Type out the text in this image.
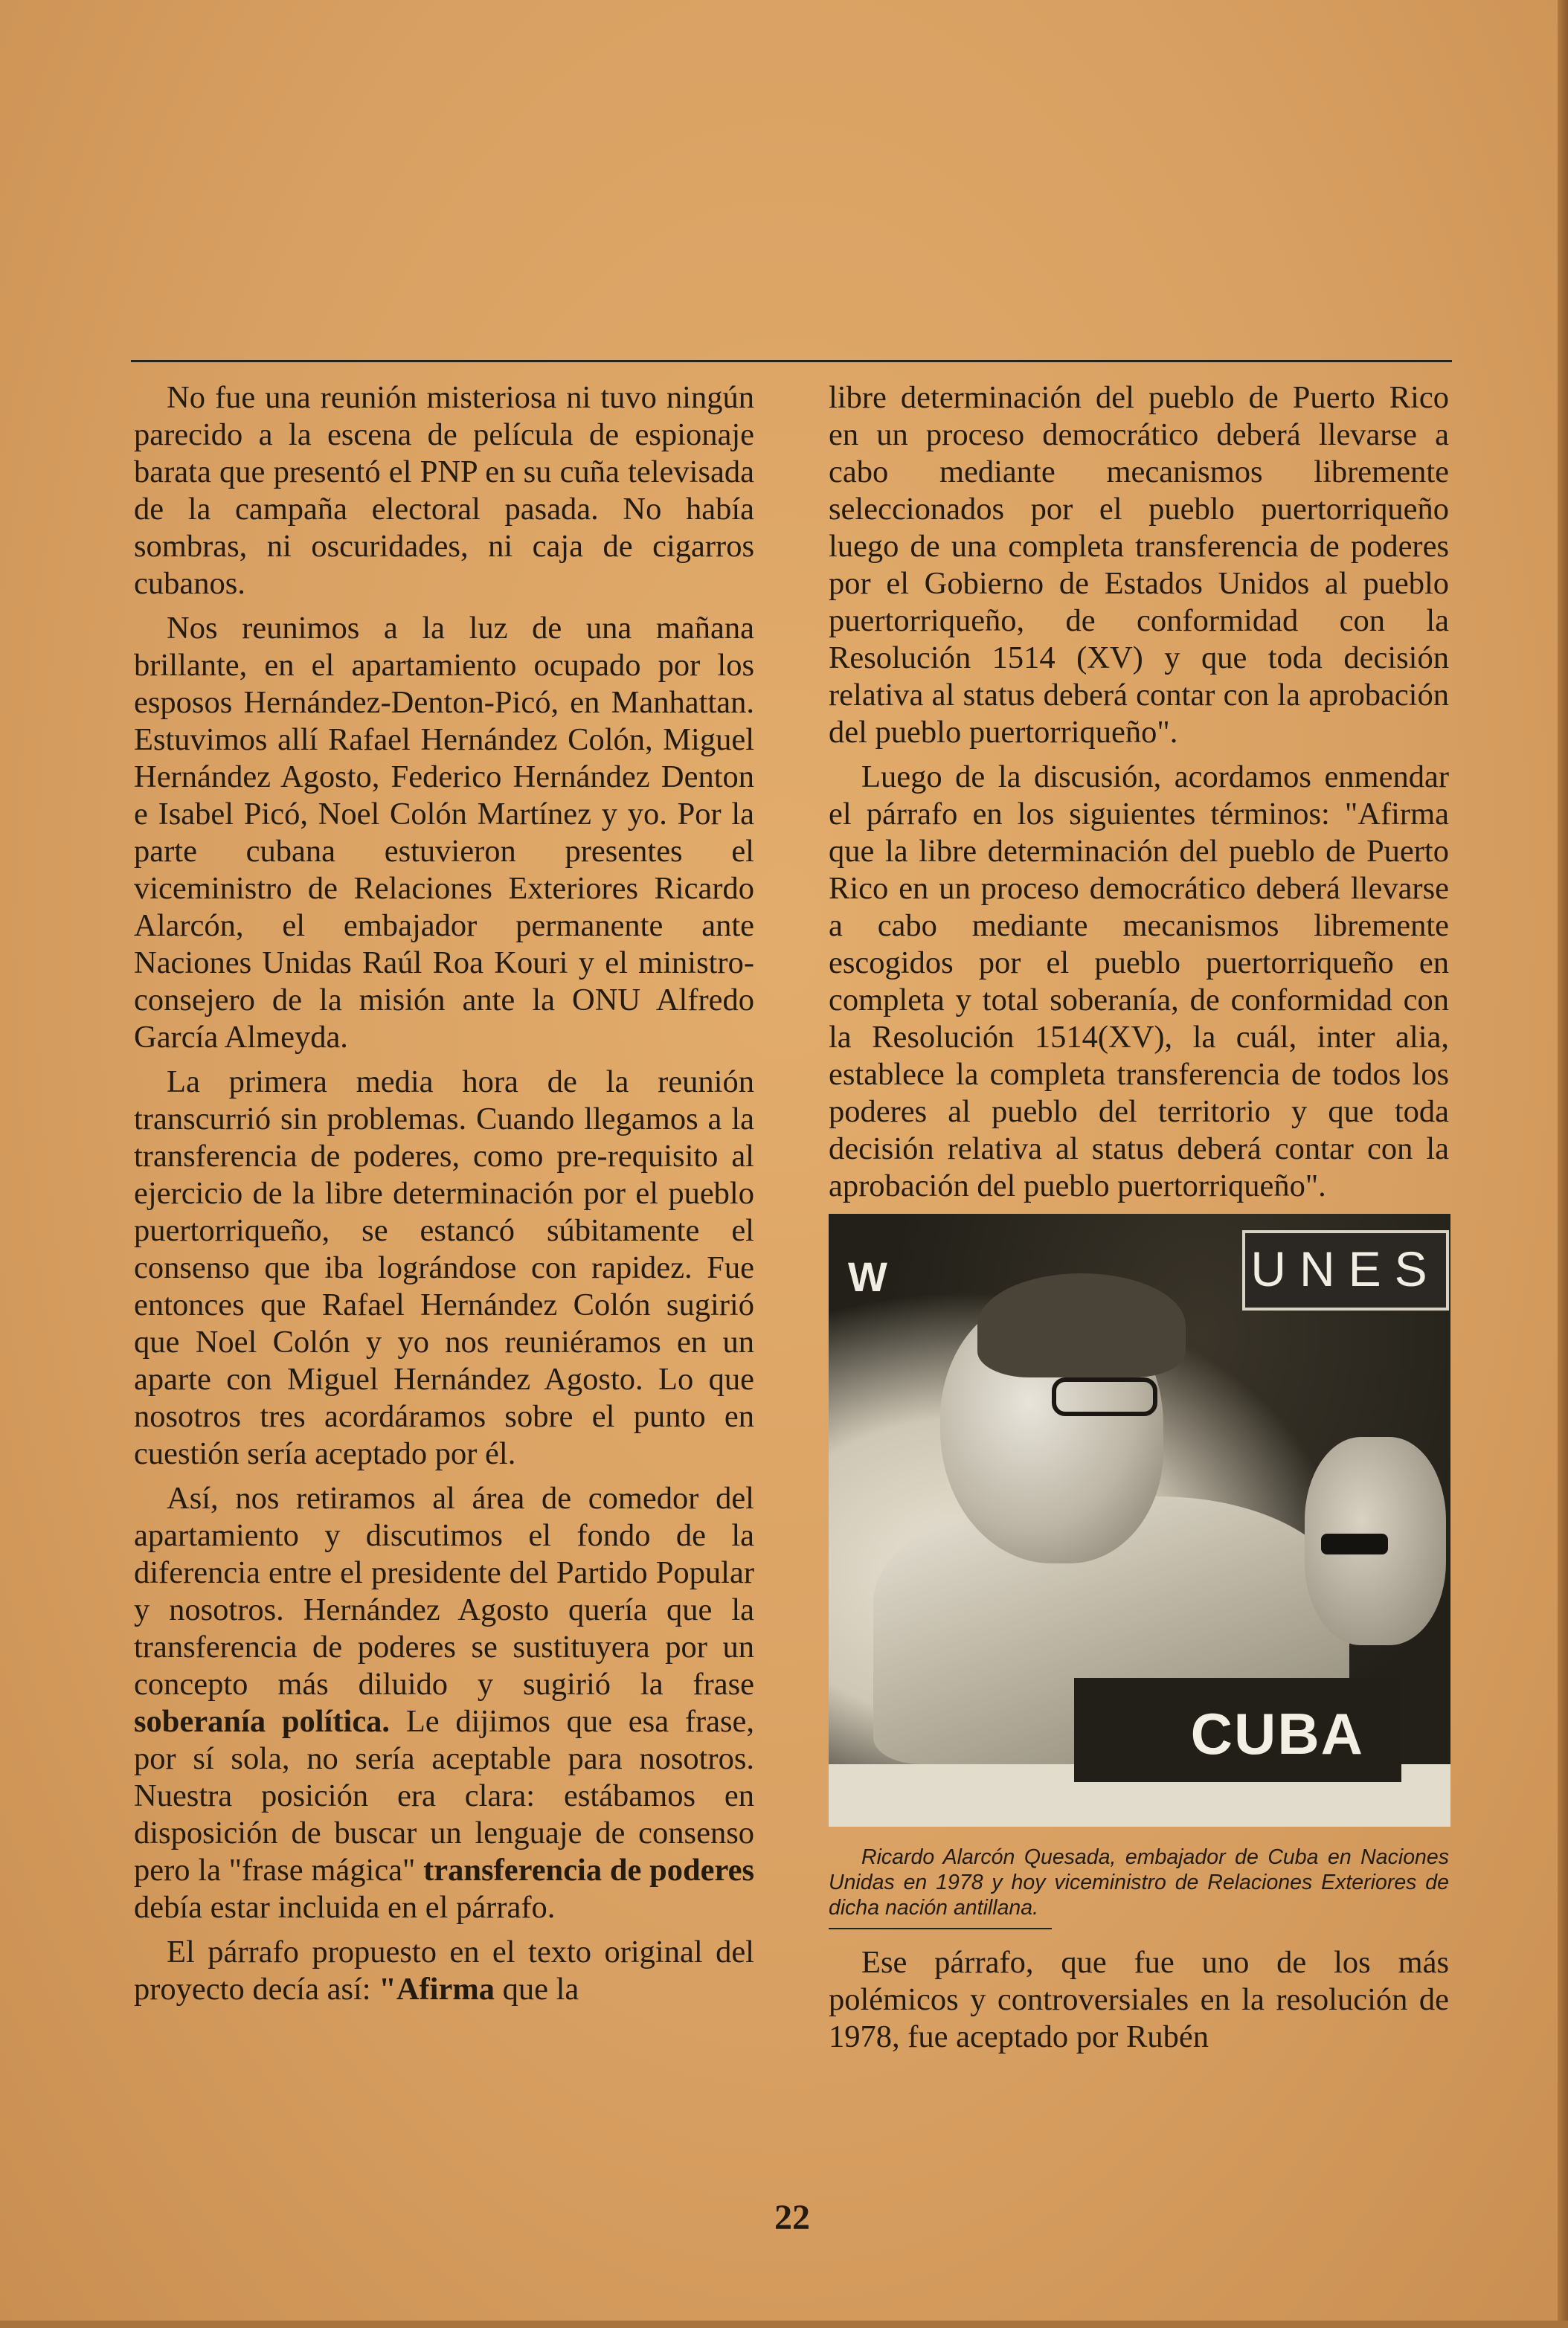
No fue una reunión misteriosa ni tuvo ningún parecido a la escena de película de espionaje barata que presentó el PNP en su cuña televisada de la campaña electoral pasada. No había sombras, ni oscuridades, ni caja de cigarros cubanos.

Nos reunimos a la luz de una mañana brillante, en el apartamiento ocupado por los esposos Hernández-Denton-Picó, en Manhattan. Estuvimos allí Rafael Hernández Colón, Miguel Hernández Agosto, Federico Hernández Denton e Isabel Picó, Noel Colón Martínez y yo. Por la parte cubana estuvieron presentes el viceministro de Relaciones Exteriores Ricardo Alarcón, el embajador permanente ante Naciones Unidas Raúl Roa Kouri y el ministro-consejero de la misión ante la ONU Alfredo García Almeyda.

La primera media hora de la reunión transcurrió sin problemas. Cuando llegamos a la transferencia de poderes, como pre-requisito al ejercicio de la libre determinación por el pueblo puertorriqueño, se estancó súbitamente el consenso que iba lográndose con rapidez. Fue entonces que Rafael Hernández Colón sugirió que Noel Colón y yo nos reuniéramos en un aparte con Miguel Hernández Agosto. Lo que nosotros tres acordáramos sobre el punto en cuestión sería aceptado por él.

Así, nos retiramos al área de comedor del apartamiento y discutimos el fondo de la diferencia entre el presidente del Partido Popular y nosotros. Hernández Agosto quería que la transferencia de poderes se sustituyera por un concepto más diluido y sugirió la frase soberanía política. Le dijimos que esa frase, por sí sola, no sería aceptable para nosotros. Nuestra posición era clara: estábamos en disposición de buscar un lenguaje de consenso pero la "frase mágica" transferencia de poderes debía estar incluida en el párrafo.

El párrafo propuesto en el texto original del proyecto decía así: "Afirma que la

libre determinación del pueblo de Puerto Rico en un proceso democrático deberá llevarse a cabo mediante mecanismos libremente seleccionados por el pueblo puertorriqueño luego de una completa transferencia de poderes por el Gobierno de Estados Unidos al pueblo puertorriqueño, de conformidad con la Resolución 1514 (XV) y que toda decisión relativa al status deberá contar con la aprobación del pueblo puertorriqueño".

Luego de la discusión, acordamos enmendar el párrafo en los siguientes términos: "Afirma que la libre determinación del pueblo de Puerto Rico en un proceso democrático deberá llevarse a cabo mediante mecanismos libremente escogidos por el pueblo puertorriqueño en completa y total soberanía, de conformidad con la Resolución 1514(XV), la cuál, inter alia, establece la completa transferencia de todos los poderes al pueblo del territorio y que toda decisión relativa al status deberá contar con la aprobación del pueblo puertorriqueño".

UNES
W
CUBA

Ricardo Alarcón Quesada, embajador de Cuba en Naciones Unidas en 1978 y hoy viceministro de Relaciones Exteriores de dicha nación antillana.

Ese párrafo, que fue uno de los más polémicos y controversiales en la resolución de 1978, fue aceptado por Rubén

22
